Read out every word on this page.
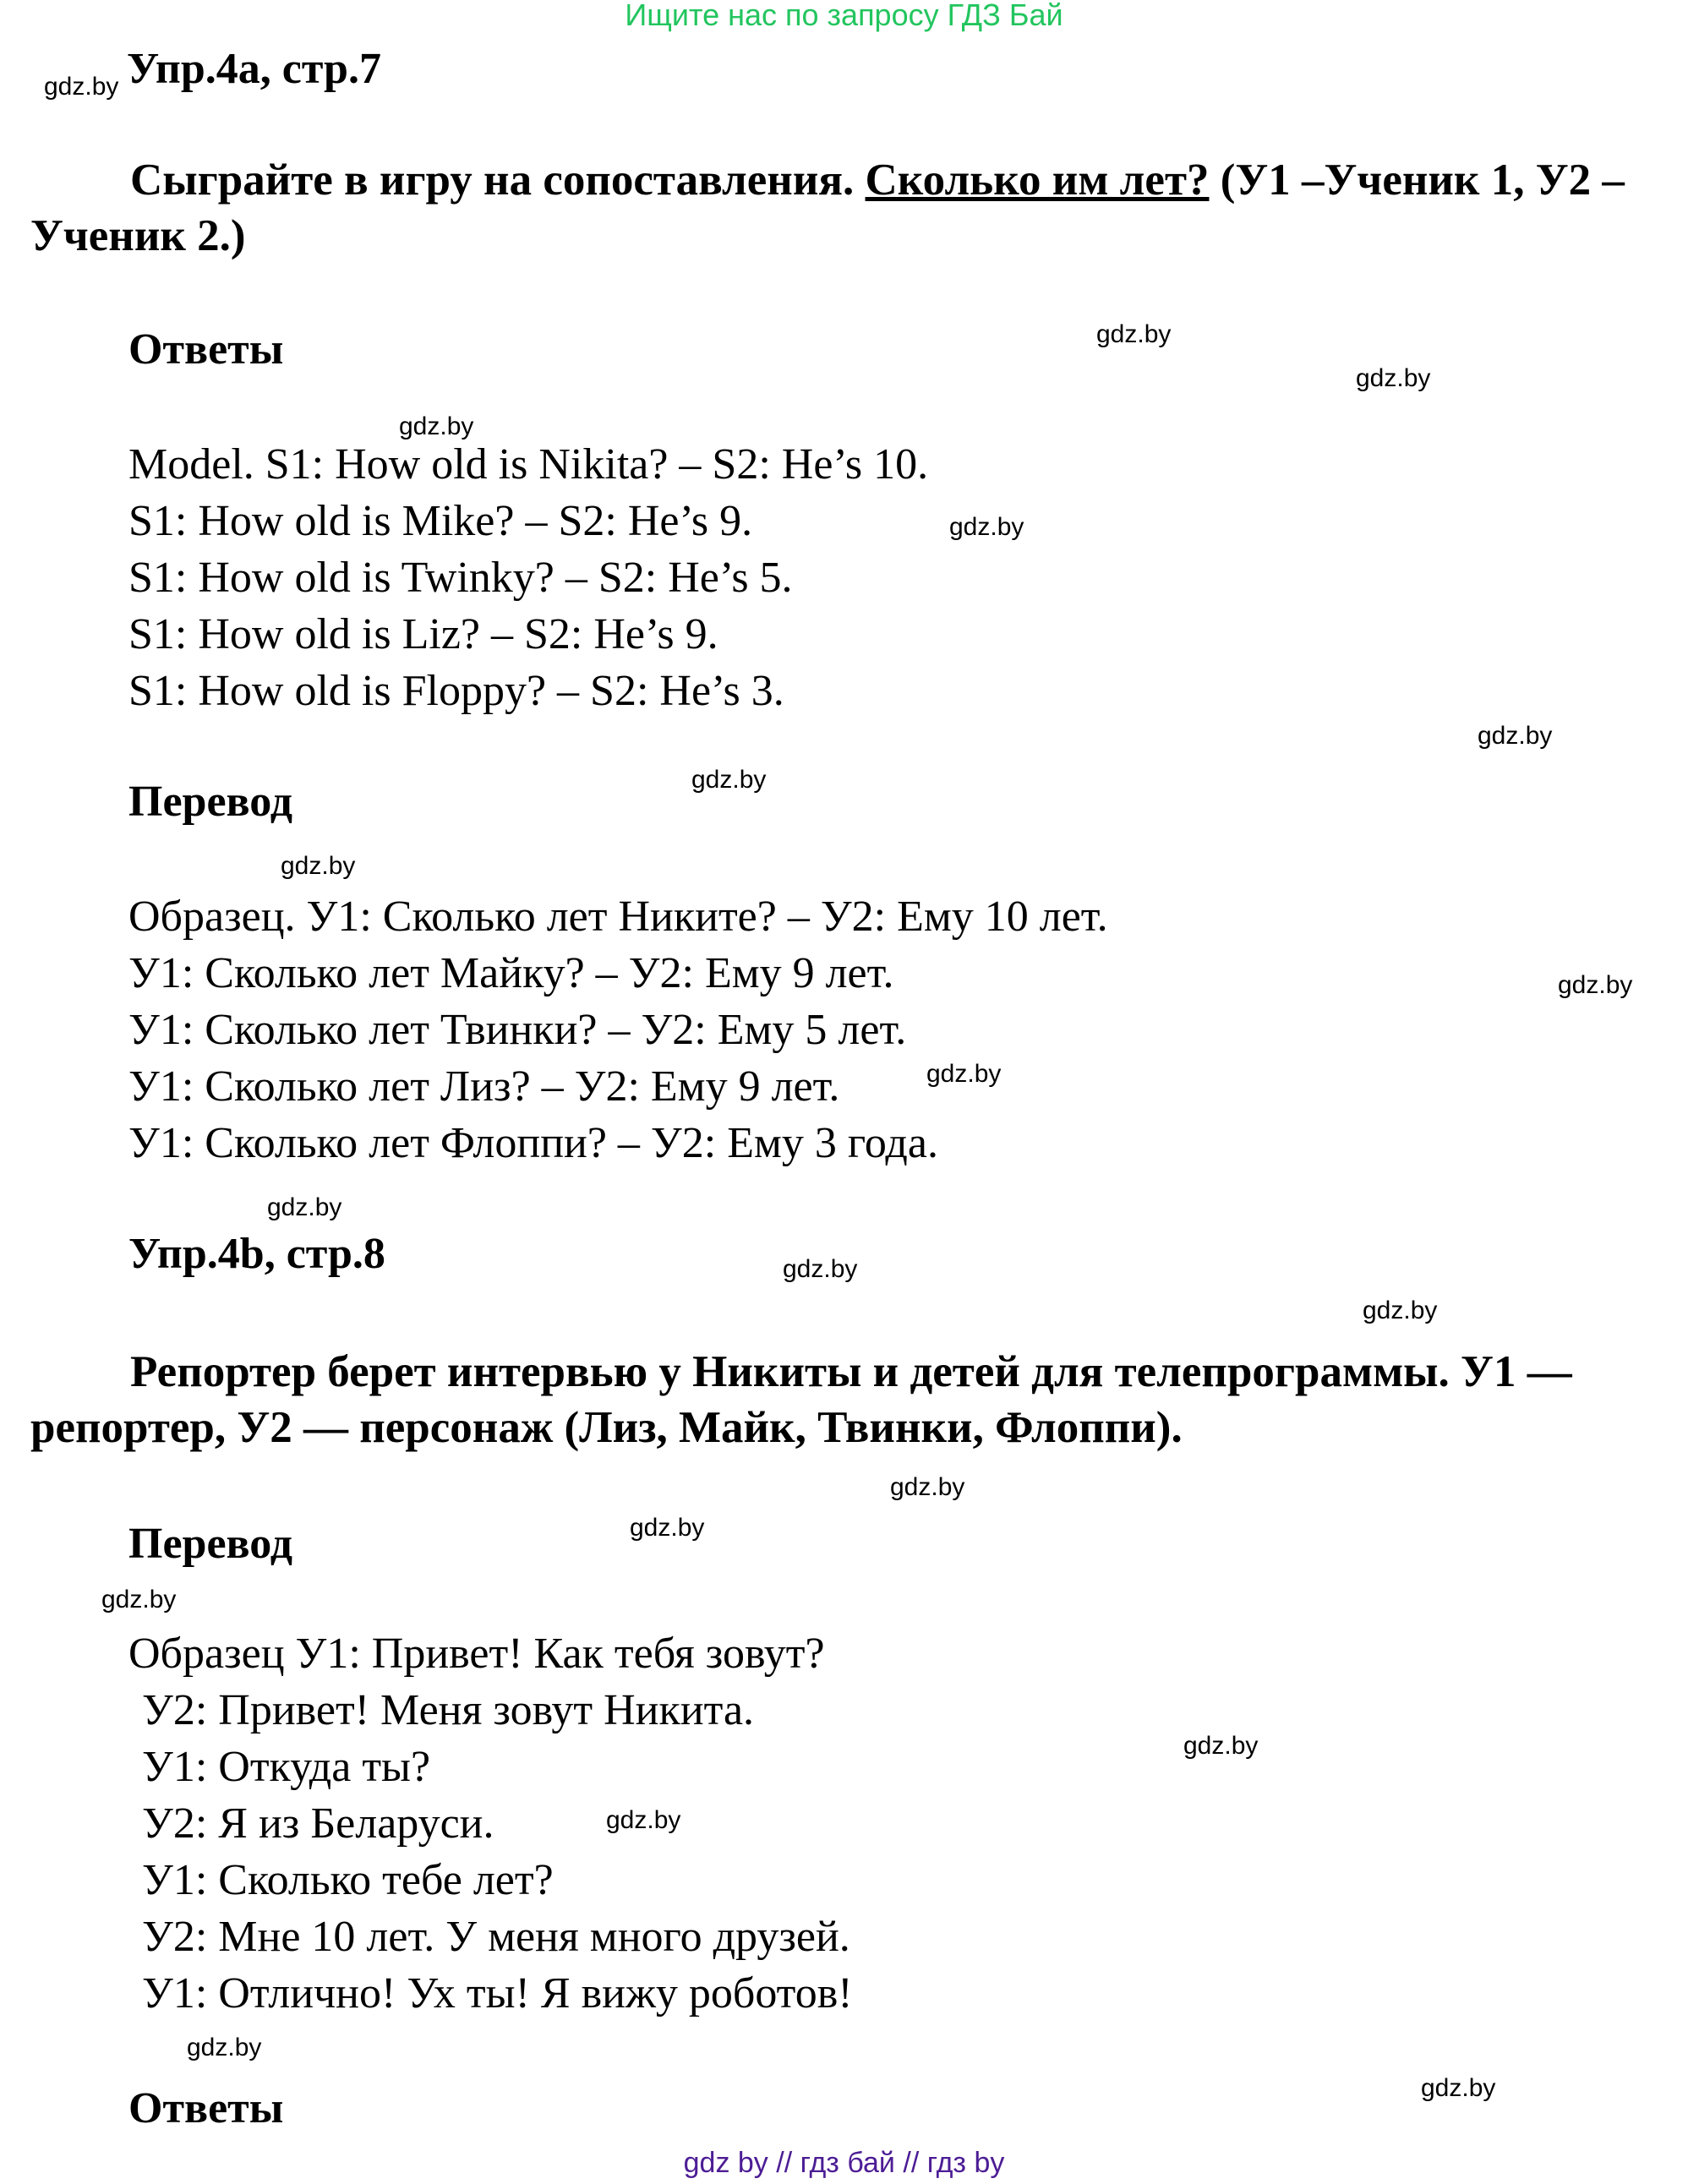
Ищите нас по запросу ГДЗ Бай
gdz.by Упр.4а, стр.7
Сыграйте в игру на сопоставления. Сколько им лет? (У1 –Ученик 1, У2 – Ученик 2.)
Ответы	gdz.by
gdz.by
gdz.by
Model. S1: How old is Nikita? – S2: He’s 10.
S1: How old is Mike? – S2: He’s 9.	gdz.by
S1: How old is Twinky? – S2: He’s 5.
S1: How old is Liz? – S2: He’s 9.
S1: How old is Floppy? – S2: He’s 3.
gdz.by
gdz.by
Перевод
gdz.by
Образец. У1: Сколько лет Никите? – У2: Ему 10 лет.
У1: Сколько лет Майку? – У2: Ему 9 лет.	gdz.by
У1: Сколько лет Твинки? – У2: Ему 5 лет.
У1: Сколько лет Лиз? – У2: Ему 9 лет.	gdz.by
У1: Сколько лет Флоппи? – У2: Ему 3 года.
gdz.by
Упр.4b, стр.8	gdz.by
gdz.by
Репортер берет интервью у Никиты и детей для телепрограммы. У1 — репортер, У2 — персонаж (Лиз, Майк, Твинки, Флоппи).
gdz.by
gdz.by
Перевод
gdz.by
Образец У1: Привет! Как тебя зовут?
У2: Привет! Меня зовут Никита.
gdz.by
У1: Откуда ты?
У2: Я из Беларуси.	gdz.by
У1: Сколько тебе лет?
У2: Мне 10 лет. У меня много друзей.
У1: Отлично! Ух ты! Я вижу роботов!
gdz.by
gdz.by
Ответы
gdz by // гдз бай // гдз by
